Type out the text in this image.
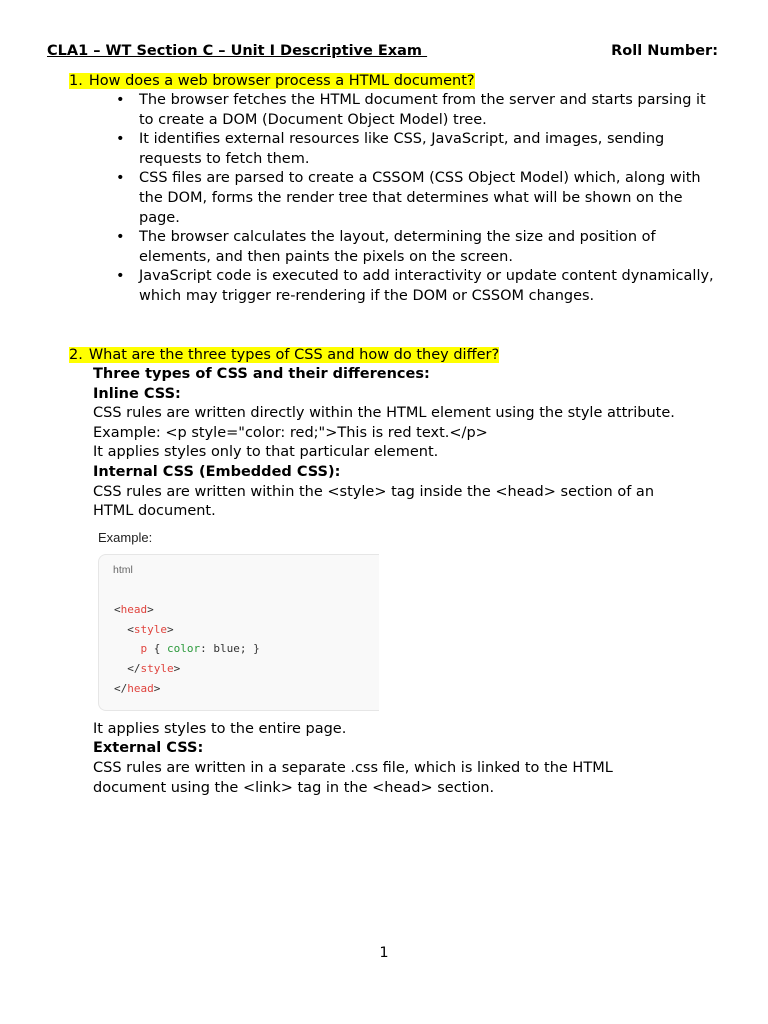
CLA1 – WT Section C – Unit I Descriptive Exam	Roll Number:
1. How does a web browser process a HTML document?
• The browser fetches the HTML document from the server and starts parsing it to create a DOM (Document Object Model) tree.
• It identifies external resources like CSS, JavaScript, and images, sending requests to fetch them.
• CSS files are parsed to create a CSSOM (CSS Object Model) which, along with the DOM, forms the render tree that determines what will be shown on the page.
• The browser calculates the layout, determining the size and position of elements, and then paints the pixels on the screen.
• JavaScript code is executed to add interactivity or update content dynamically, which may trigger re-rendering if the DOM or CSSOM changes.
2. What are the three types of CSS and how do they differ?
Three types of CSS and their differences:
Inline CSS:
CSS rules are written directly within the HTML element using the style attribute.
Example: <p style="color: red;">This is red text.</p>
It applies styles only to that particular element.
Internal CSS (Embedded CSS):
CSS rules are written within the <style> tag inside the <head> section of an
HTML document.
Example:
html
<head>
<style>
p { color: blue; }
</style>
</head>
It applies styles to the entire page.
External CSS:
CSS rules are written in a separate .css file, which is linked to the HTML
document using the <link> tag in the <head> section.
1
